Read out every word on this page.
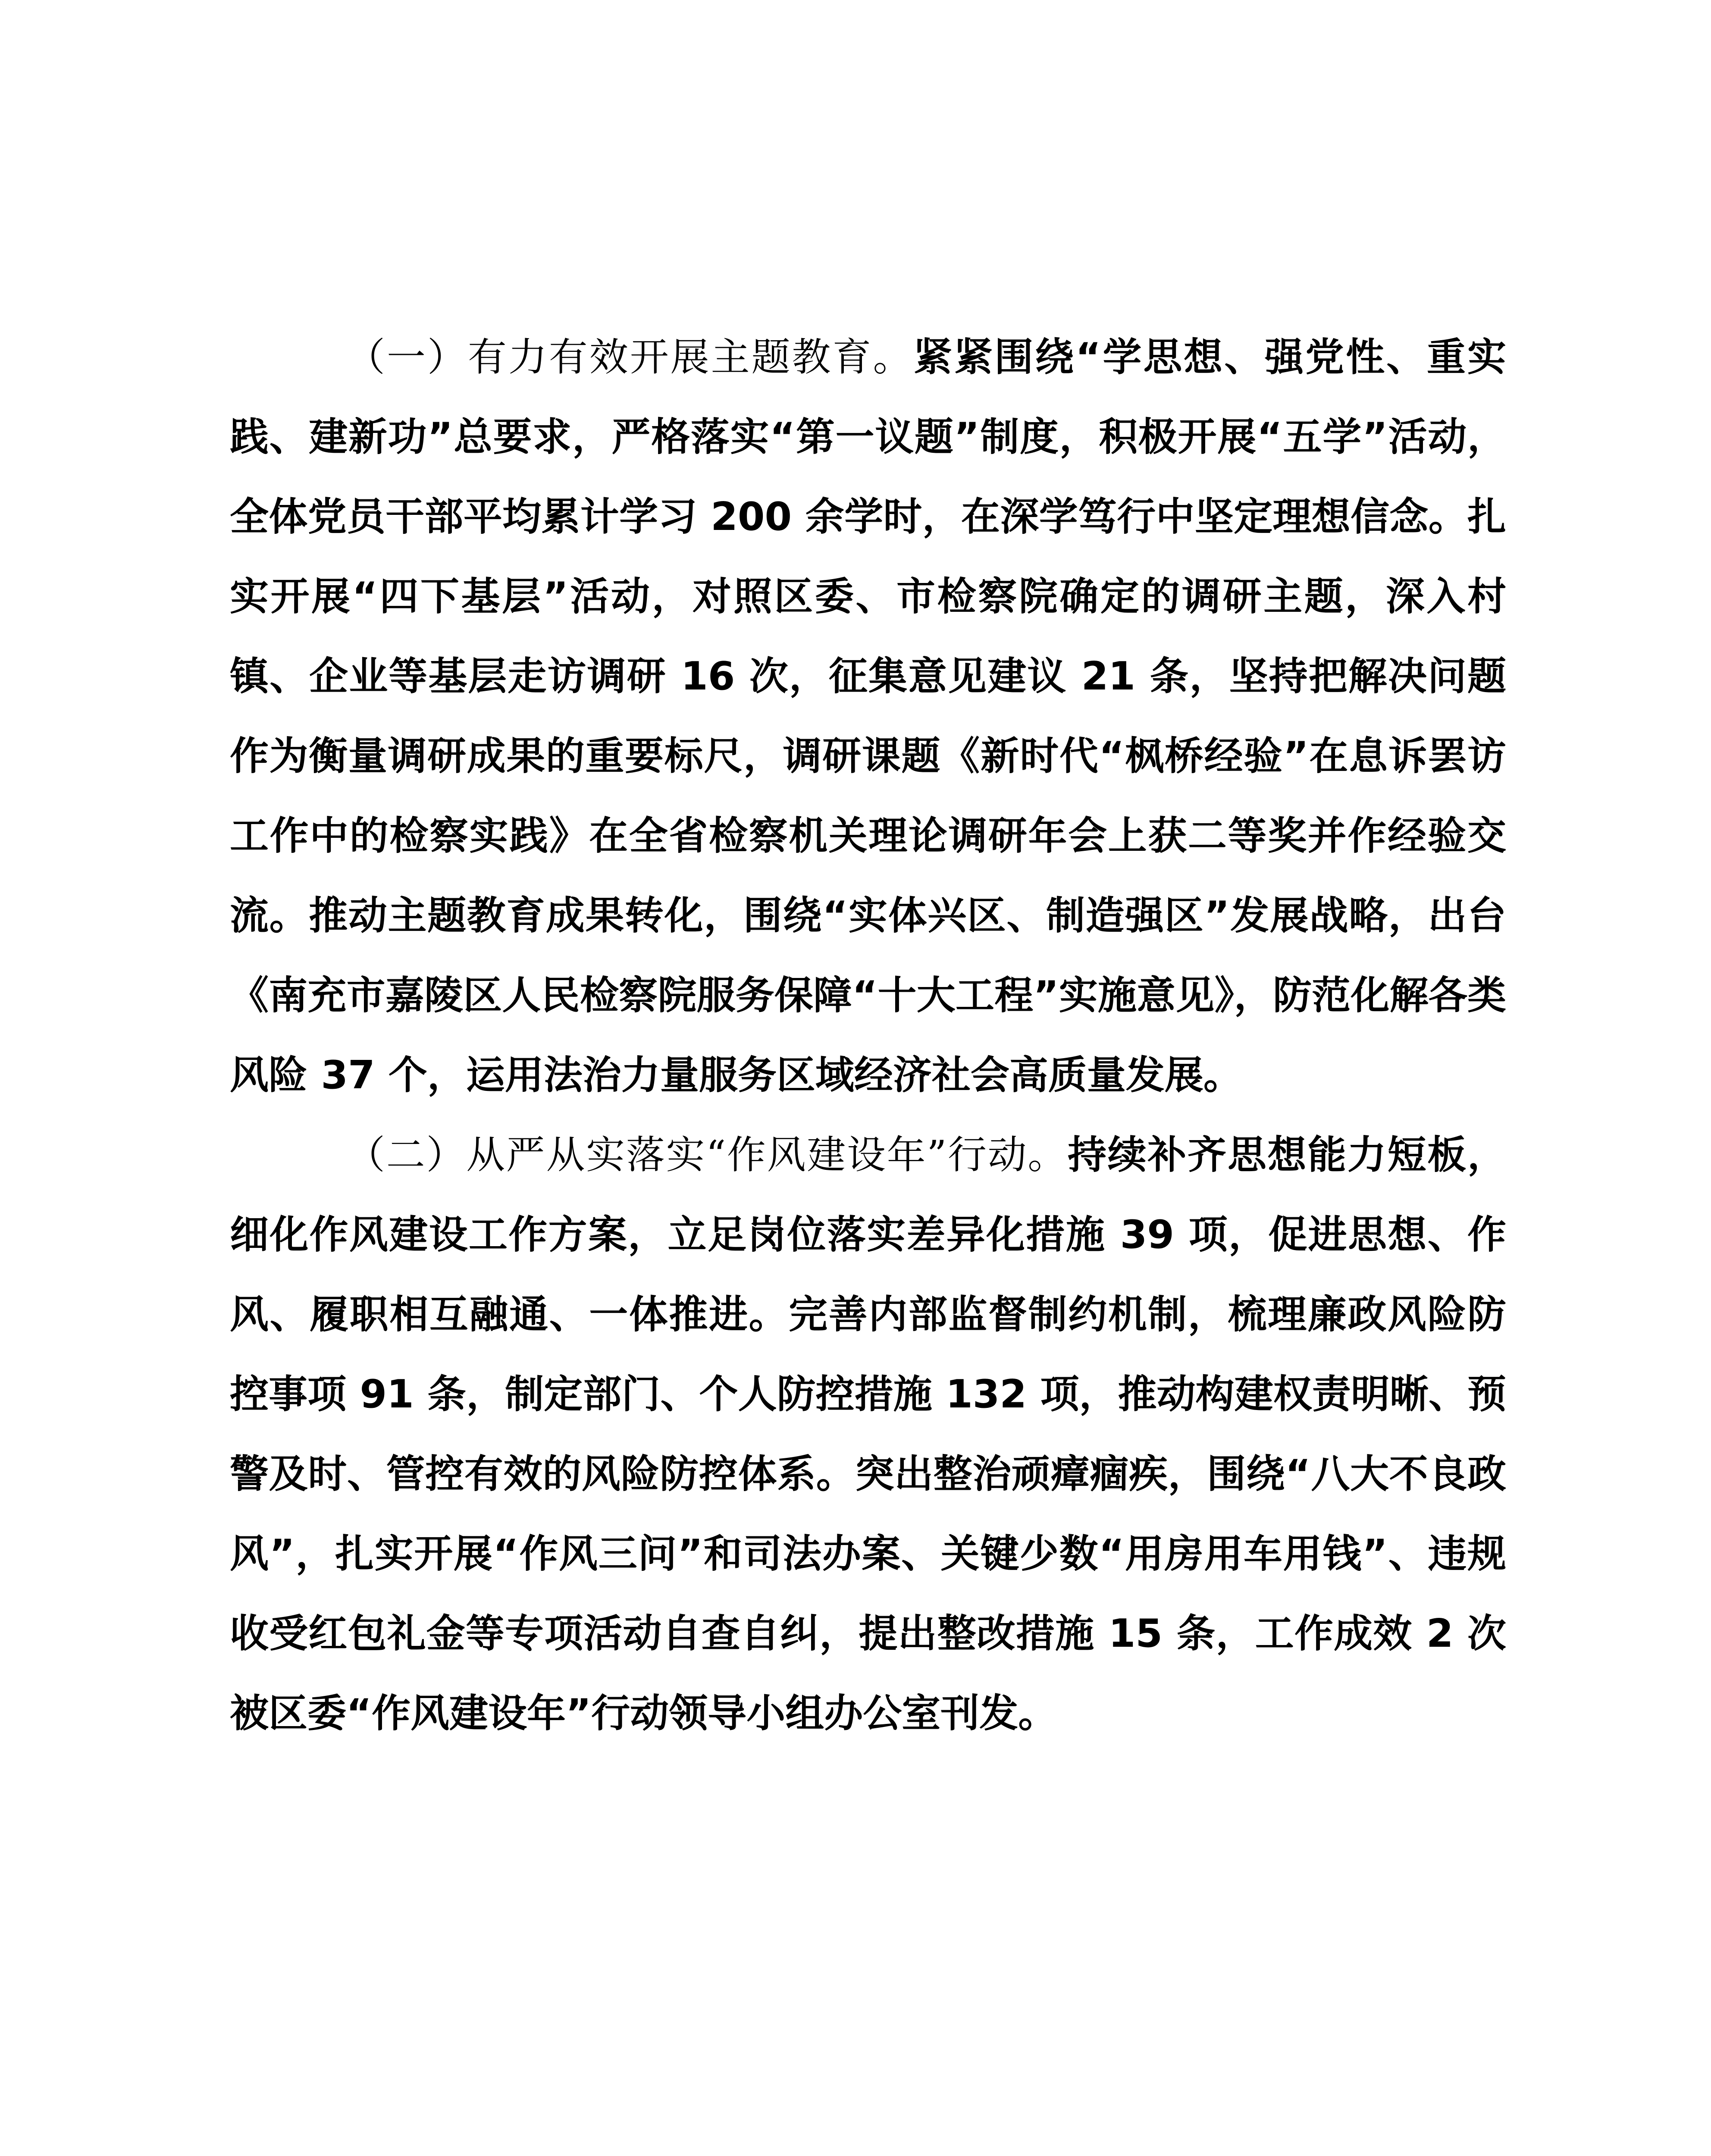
（一）有力有效开展主题教育。紧紧围绕“学思想、强党性、重实践、建新功”总要求，严格落实“第一议题”制度，积极开展“五学”活动，全体党员干部平均累计学习 200 余学时，在深学笃行中坚定理想信念。扎实开展“四下基层”活动，对照区委、市检察院确定的调研主题，深入村镇、企业等基层走访调研 16 次，征集意见建议 21 条，坚持把解决问题作为衡量调研成果的重要标尺，调研课题《新时代“枫桥经验”在息诉罢访工作中的检察实践》在全省检察机关理论调研年会上获二等奖并作经验交流。推动主题教育成果转化，围绕“实体兴区、制造强区”发展战略，出台《南充市嘉陵区人民检察院服务保障“十大工程”实施意见》，防范化解各类风险 37 个，运用法治力量服务区域经济社会高质量发展。

（二）从严从实落实“作风建设年”行动。持续补齐思想能力短板，细化作风建设工作方案，立足岗位落实差异化措施 39 项，促进思想、作风、履职相互融通、一体推进。完善内部监督制约机制，梳理廉政风险防控事项 91 条，制定部门、个人防控措施 132 项，推动构建权责明晰、预警及时、管控有效的风险防控体系。突出整治顽瘴痼疾，围绕“八大不良政风”，扎实开展“作风三问”和司法办案、关键少数“用房用车用钱”、违规收受红包礼金等专项活动自查自纠，提出整改措施 15 条，工作成效 2 次被区委“作风建设年”行动领导小组办公室刊发。
